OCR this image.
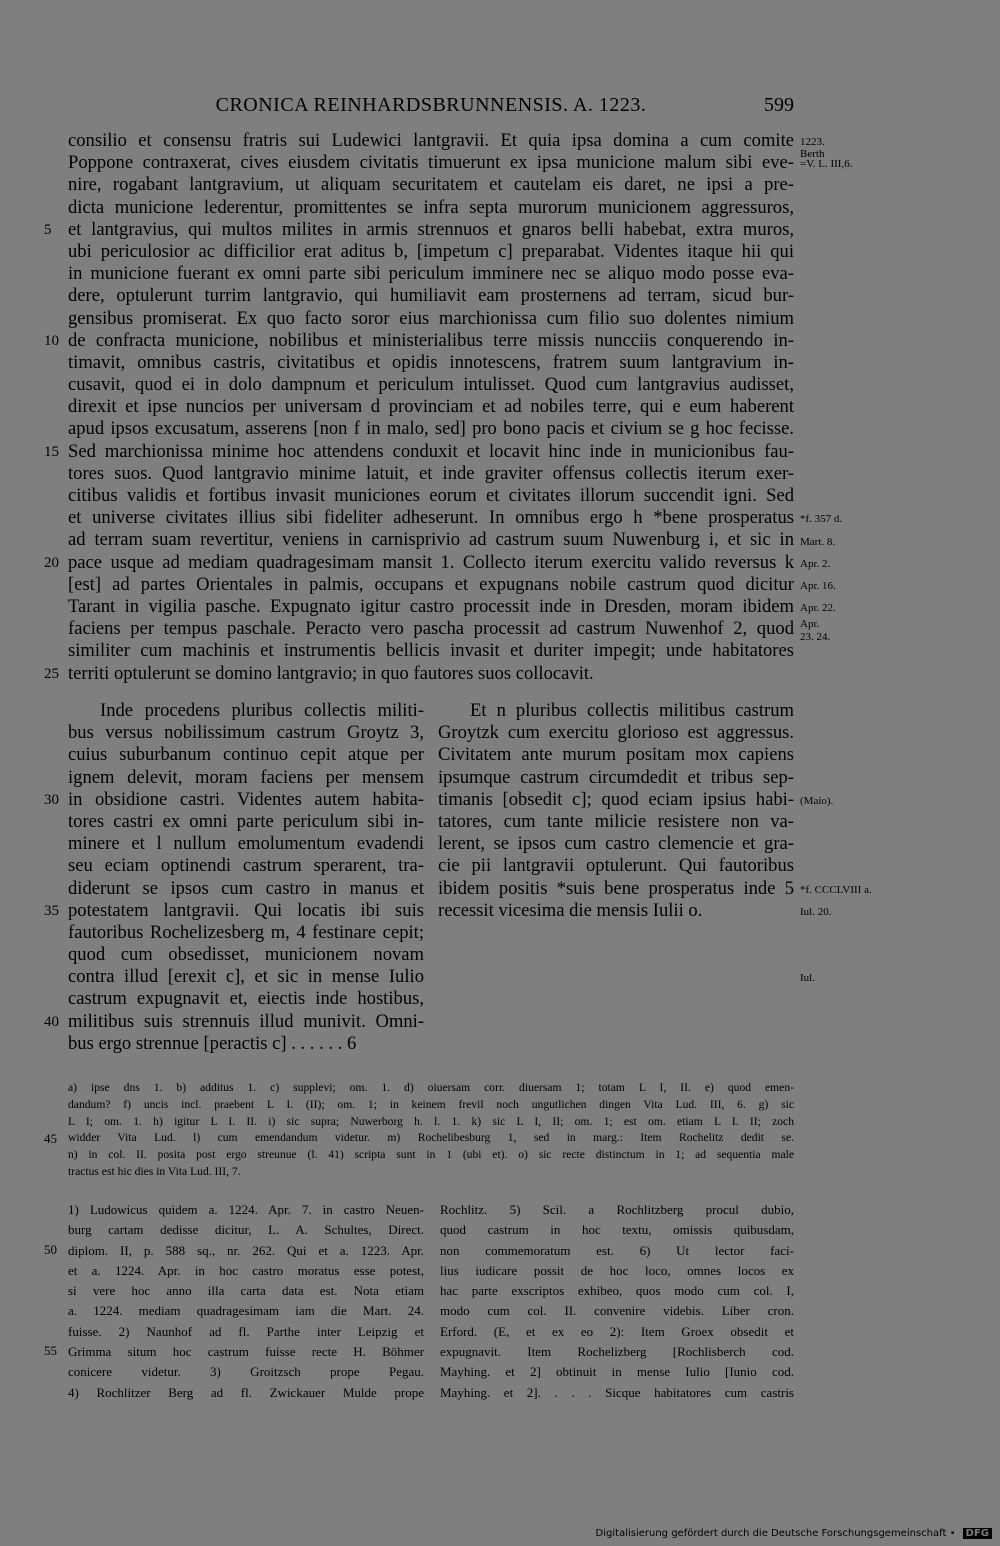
CRONICA REINHARDSBRUNNENSIS. A. 1223.	599
consilio et consensu fratris sui Ludewici lantgravii. Et quia ipsa domina a cum comite
Poppone contraxerat, cives eiusdem civitatis timuerunt ex ipsa municione malum sibi eve-
nire, rogabant lantgravium, ut aliquam securitatem et cautelam eis daret, ne ipsi a pre-
dicta municione lederentur, promittentes se infra septa murorum municionem aggressuros,
et lantgravius, qui multos milites in armis strennuos et gnaros belli habebat, extra muros,
ubi periculosior ac difficilior erat aditus b, [impetum c] preparabat. Videntes itaque hii qui
in municione fuerant ex omni parte sibi periculum imminere nec se aliquo modo posse eva-
dere, optulerunt turrim lantgravio, qui humiliavit eam prosternens ad terram, sicud bur-
gensibus promiserat. Ex quo facto soror eius marchionissa cum filio suo dolentes nimium
de confracta municione, nobilibus et ministerialibus terre missis nuncciis conquerendo in-
timavit, omnibus castris, civitatibus et opidis innotescens, fratrem suum lantgravium in-
cusavit, quod ei in dolo dampnum et periculum intulisset. Quod cum lantgravius audisset,
direxit et ipse nuncios per universam d provinciam et ad nobiles terre, qui e eum haberent
apud ipsos excusatum, asserens [non f in malo, sed] pro bono pacis et civium se g hoc fecisse.
Sed marchionissa minime hoc attendens conduxit et locavit hinc inde in municionibus fau-
tores suos. Quod lantgravio minime latuit, et inde graviter offensus collectis iterum exer-
citibus validis et fortibus invasit municiones eorum et civitates illorum succendit igni. Sed
et universe civitates illius sibi fideliter adheserunt. In omnibus ergo h *bene prosperatus
ad terram suam revertitur, veniens in carnisprivio ad castrum suum Nuwenburg i, et sic in
pace usque ad mediam quadragesimam mansit 1. Collecto iterum exercitu valido reversus k
[est] ad partes Orientales in palmis, occupans et expugnans nobile castrum quod dicitur
Tarant in vigilia pasche. Expugnato igitur castro processit inde in Dresden, moram ibidem
faciens per tempus paschale. Peracto vero pascha processit ad castrum Nuwenhof 2, quod
similiter cum machinis et instrumentis bellicis invasit et duriter impegit; unde habitatores
territi optulerunt se domino lantgravio; in quo fautores suos collocavit.
5
10
15
20
25
30
35
40
45
50
55
1223.
Berth
=V. L. III,6.
*f. 357 d.
Mart. 8.
Apr. 2.
Apr. 16.
Apr. 22.
Apr.
23. 24.
(Maio).
*f. CCCLVIII a.
Iul. 20.
Iul.
Inde procedens pluribus collectis militi-
bus versus nobilissimum castrum Groytz 3,
cuius suburbanum continuo cepit atque per
ignem delevit, moram faciens per mensem
in obsidione castri. Videntes autem habita-
tores castri ex omni parte periculum sibi in-
minere et l nullum emolumentum evadendi
seu eciam optinendi castrum sperarent, tra-
diderunt se ipsos cum castro in manus et
potestatem lantgravii. Qui locatis ibi suis
fautoribus Rochelizesberg m, 4 festinare cepit;
quod cum obsedisset, municionem novam
contra illud [erexit c], et sic in mense Iulio
castrum expugnavit et, eiectis inde hostibus,
militibus suis strennuis illud munivit. Omni-
bus ergo strennue [peractis c] . . . . . . 6
Et n pluribus collectis militibus castrum
Groytzk cum exercitu glorioso est aggressus.
Civitatem ante murum positam mox capiens
ipsumque castrum circumdedit et tribus sep-
timanis [obsedit c]; quod eciam ipsius habi-
tatores, cum tante milicie resistere non va-
lerent, se ipsos cum castro clemencie et gra-
cie pii lantgravii optulerunt. Qui fautoribus
ibidem positis *suis bene prosperatus inde 5
recessit vicesima die mensis Iulii o.
a) ipse dns 1. b) additus 1. c) supplevi; om. 1. d) oiuersam corr. diuersam 1; totam L I, II. e) quod emen-
dandum? f) uncis incl. praebent L I. (II); om. 1; in keinem frevil noch ungutlichen dingen Vita Lud. III, 6. g) sic
L I; om. 1. h) igitur L I. II. i) sic supra; Nuwerborg h. l. 1. k) sic L I, II; om. 1; est om. etiam L I. II; zoch
widder Vita Lud. l) cum emendandum videtur. m) Rochelibesburg 1, sed in marg.: Item Rochelitz dedit se.
n) in col. II. posita post ergo streunue (l. 41) scripta sunt in 1 (ubi et). o) sic recte distinctum in 1; ad sequentia male
tractus est hic dies in Vita Lud. III, 7.
1) Ludowicus quidem a. 1224. Apr. 7. in castro Neuen-
burg cartam dedisse dicitur, L. A. Schultes, Direct.
diplom. II, p. 588 sq., nr. 262. Qui et a. 1223. Apr.
et a. 1224. Apr. in hoc castro moratus esse potest,
si vere hoc anno illa carta data est. Nota etiam
a. 1224. mediam quadragesimam iam die Mart. 24.
fuisse. 2) Naunhof ad fl. Parthe inter Leipzig et
Grimma situm hoc castrum fuisse recte H. Böhmer
conicere videtur. 3) Groitzsch prope Pegau.
4) Rochlitzer Berg ad fl. Zwickauer Mulde prope
Rochlitz. 5) Scil. a Rochlitzberg procul dubio,
quod castrum in hoc textu, omissis quibusdam,
non commemoratum est. 6) Ut lector faci-
lius iudicare possit de hoc loco, omnes locos ex
hac parte exscriptos exhibeo, quos modo cum col. I,
modo cum col. II. convenire videbis. Liber cron.
Erford. (E, et ex eo 2): Item Groex obsedit et
expugnavit. Item Rochelizberg [Rochlisberch cod.
Mayhing. et 2] obtinuit in mense Iulio [Iunio cod.
Mayhing. et 2]. . . . Sicque habitatores cum castris
Digitalisierung gefördert durch die Deutsche Forschungsgemeinschaft • DFG
